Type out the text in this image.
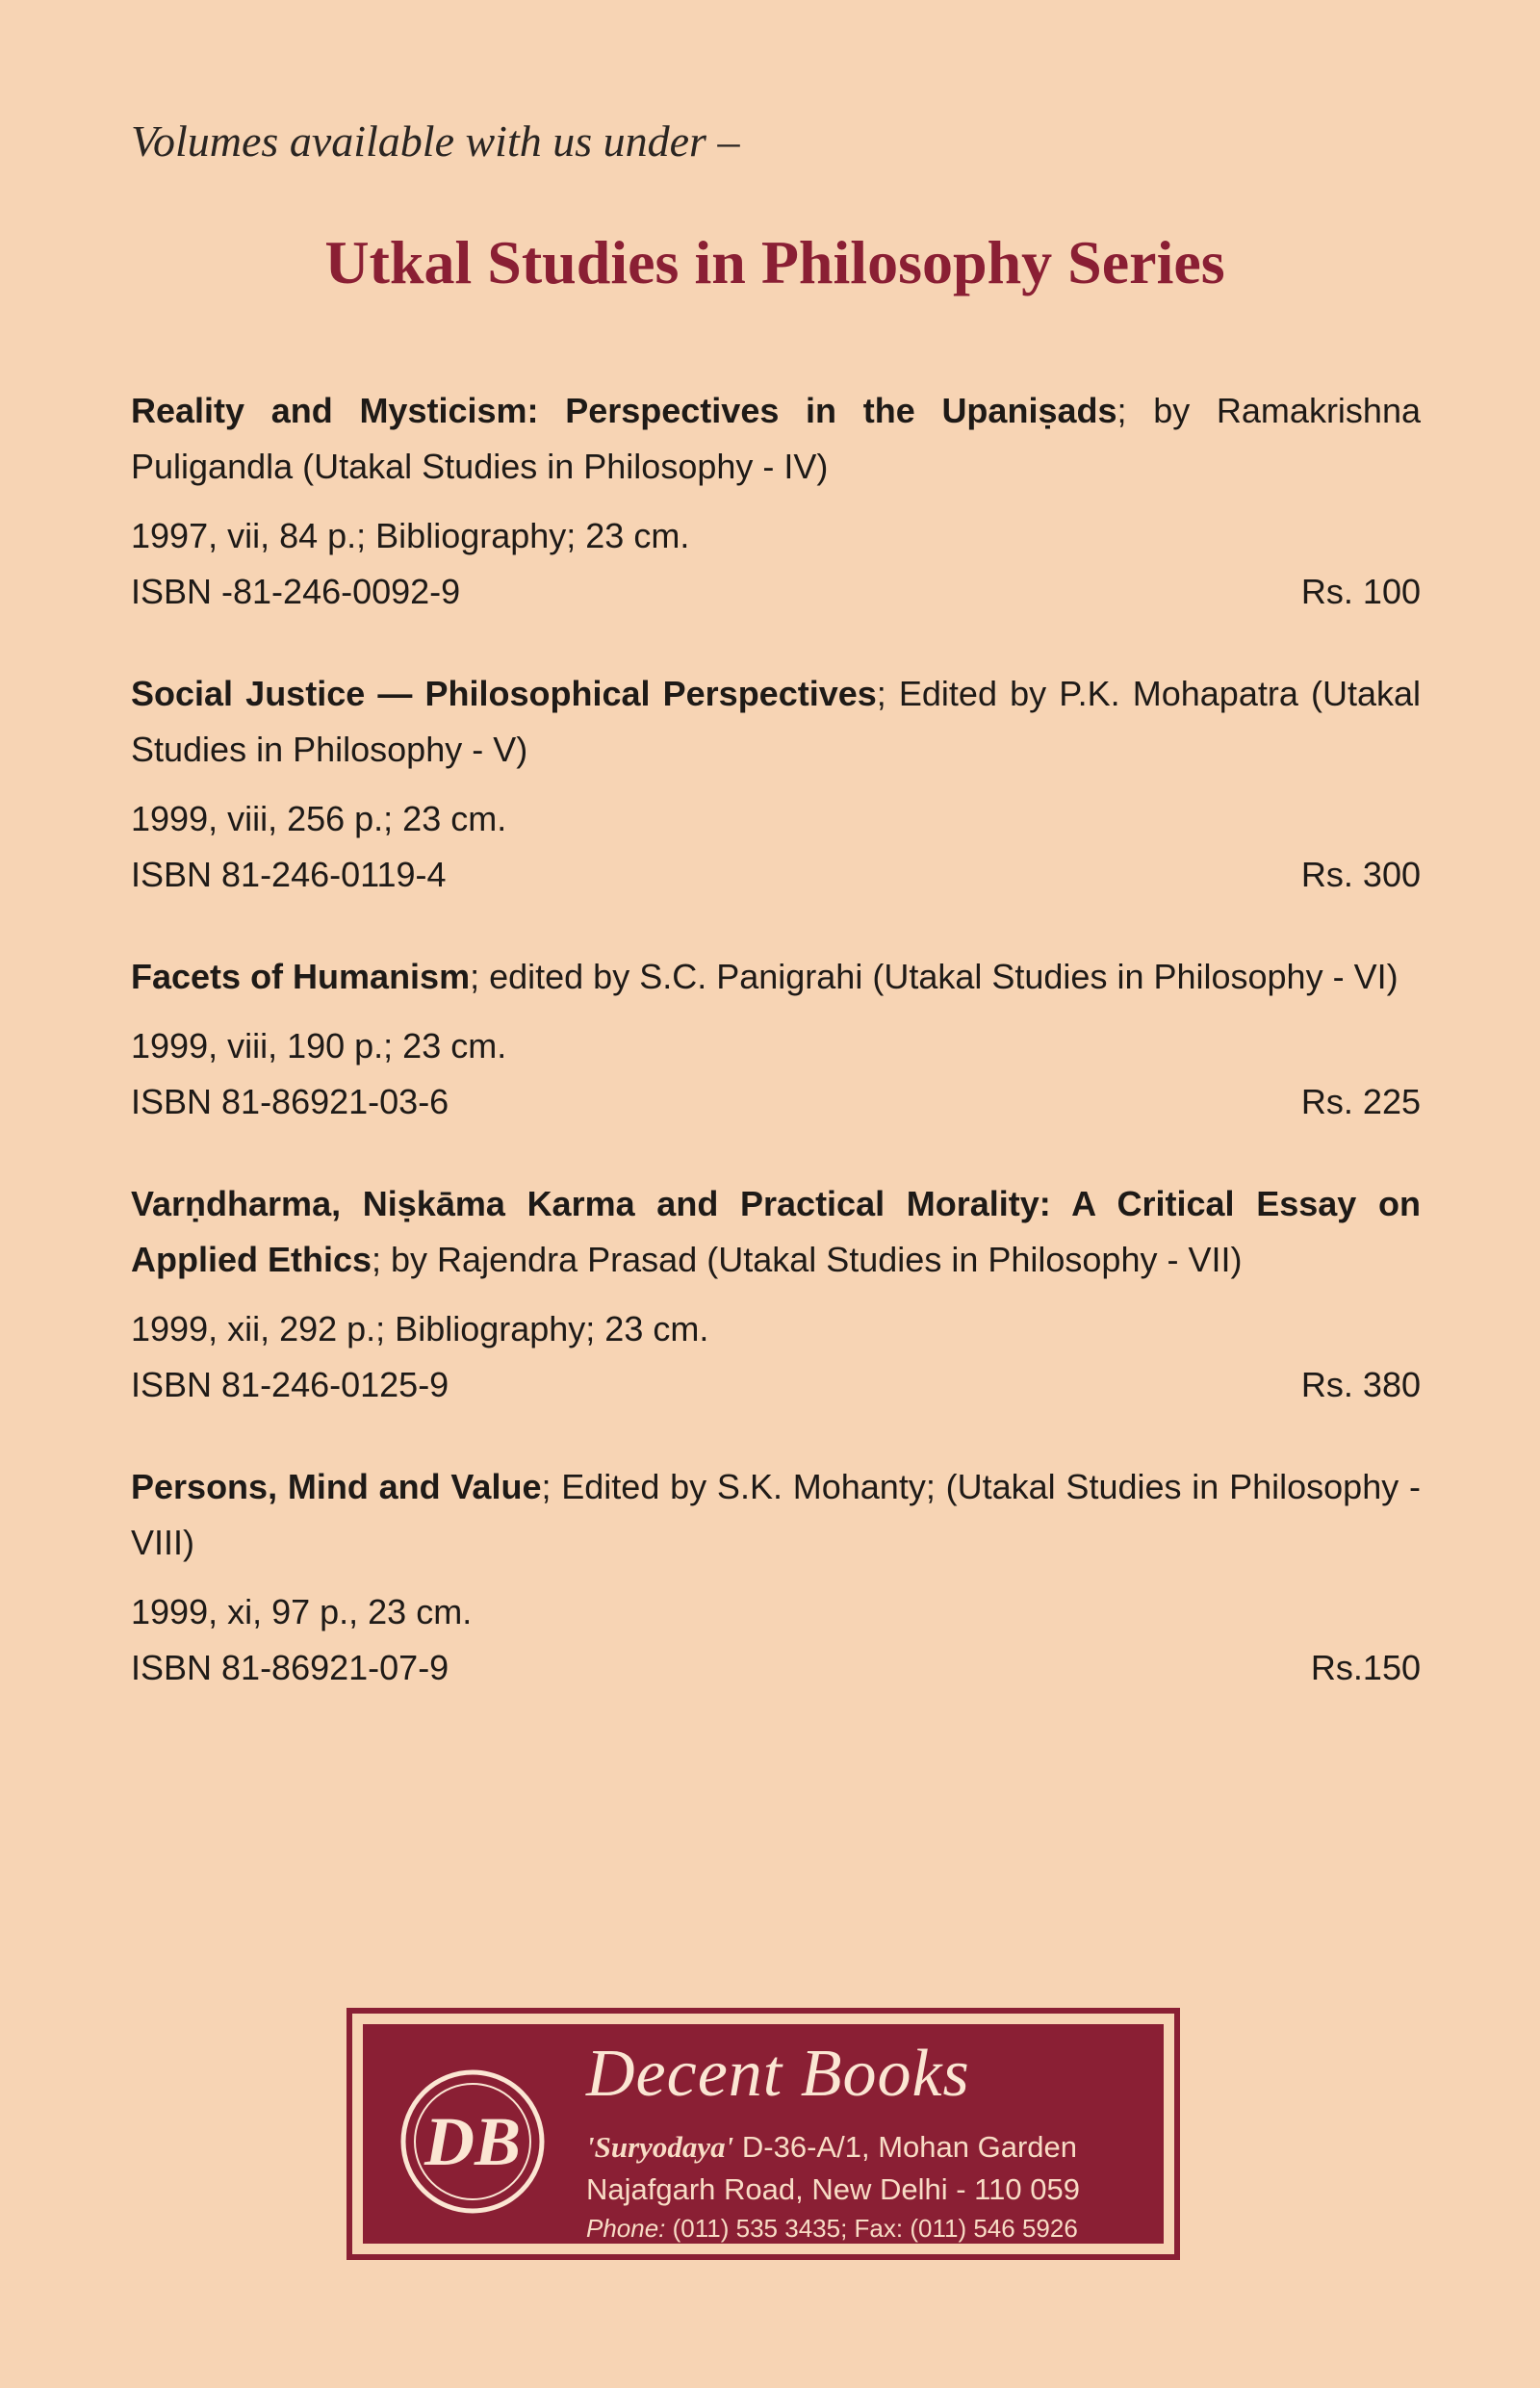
Volumes available with us under –
Utkal Studies in Philosophy Series

Reality and Mysticism: Perspectives in the Upaniṣads; by Ramakrishna Puligandla (Utakal Studies in Philosophy - IV)

1997, vii, 84 p.; Bibliography; 23 cm.
ISBN -81-246-0092-9	Rs. 100

Social Justice — Philosophical Perspectives; Edited by P.K. Mohapatra (Utakal Studies in Philosophy - V)

1999, viii, 256 p.; 23 cm.
ISBN 81-246-0119-4	Rs. 300

Facets of Humanism; edited by S.C. Panigrahi (Utakal Studies in Philosophy - VI)

1999, viii, 190 p.; 23 cm.
ISBN 81-86921-03-6	Rs. 225

Varṇdharma, Niṣkāma Karma and Practical Morality: A Critical Essay on Applied Ethics; by Rajendra Prasad (Utakal Studies in Philosophy - VII)

1999, xii, 292 p.; Bibliography; 23 cm.
ISBN 81-246-0125-9	Rs. 380

Persons, Mind and Value; Edited by S.K. Mohanty; (Utakal Studies in Philosophy - VIII)

1999, xi, 97 p., 23 cm.
ISBN 81-86921-07-9	Rs.150
DB
Decent Books
'Suryodaya' D-36-A/1, Mohan Garden
Najafgarh Road, New Delhi - 110 059
Phone: (011) 535 3435; Fax: (011) 546 5926
